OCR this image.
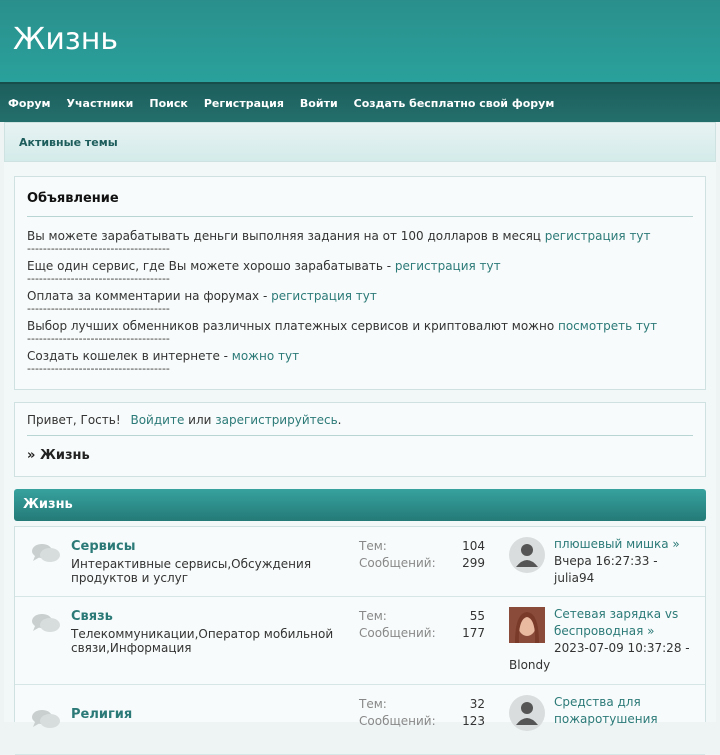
Жизнь
Форум Участники Поиск Регистрация Войти Создать бесплатно свой форум
Активные темы
Объявление
Вы можете зарабатывать деньги выполняя задания на от 100 долларов в месяц регистрация тут
------------------------------------
Еще один сервис, где Вы можете хорошо зарабатывать - регистрация тут
------------------------------------
Оплата за комментарии на форумах - регистрация тут
------------------------------------
Выбор лучших обменников различных платежных сервисов и криптовалют можно посмотреть тут
------------------------------------
Создать кошелек в интернете - можно тут
------------------------------------
Привет, Гость! Войдите или зарегистрируйтесь.
» Жизнь
Жизнь
Сервисы
Интерактивные сервисы,Обсуждения продуктов и услуг
Тем:	104
Сообщений: 299
плюшевый мишка »
Вчера 16:27:33 - julia94
Связь
Телекоммуникации,Оператор мобильной связи,Информация
Тем:	55
Сообщений: 177
Сетевая зарядка vs беспроводная »
2023-07-09 10:37:28 -
Blondy
Религия
Тем:	32
Сообщений: 123
Средства для пожаротушения
